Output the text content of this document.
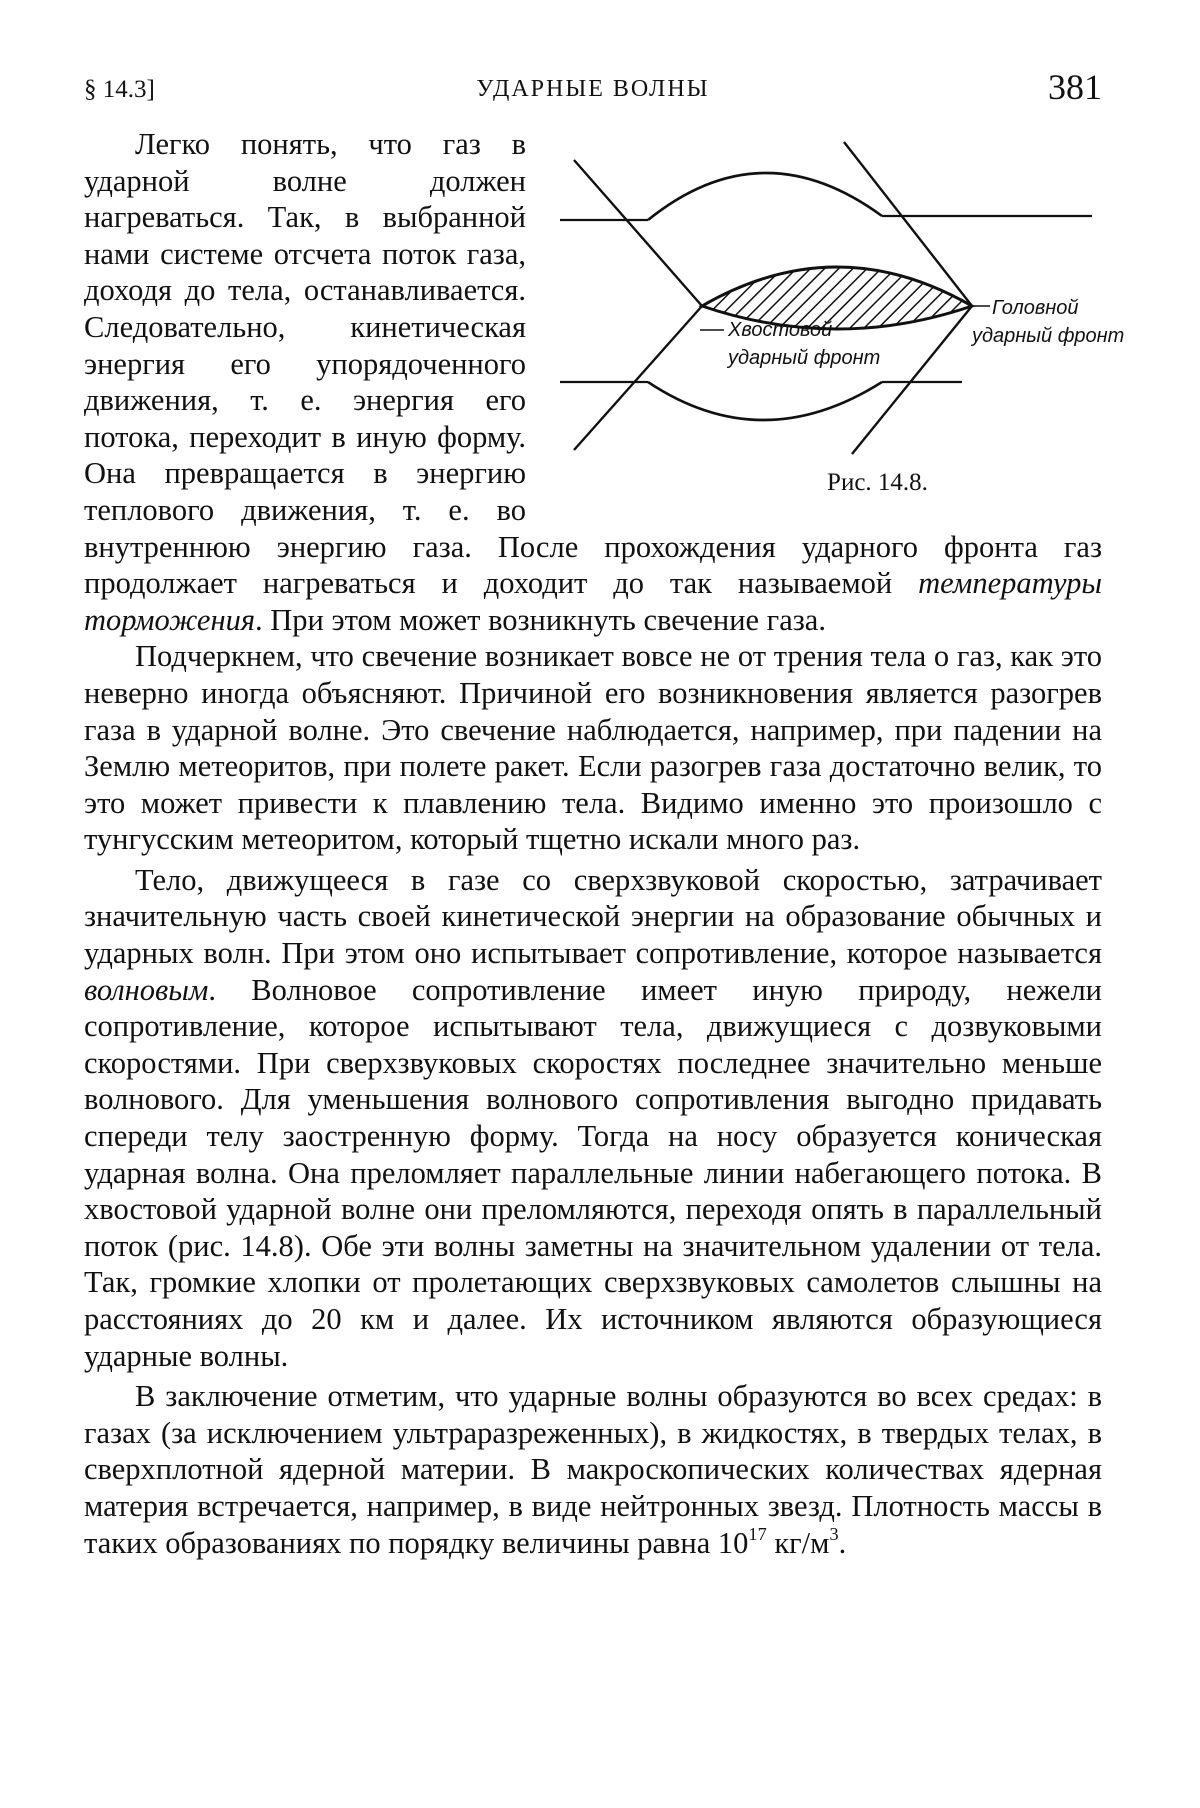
§ 14.3]	УДАРНЫЕ ВОЛНЫ	381
Хвостовой
ударный фронт
Головной
ударный фронт
Рис. 14.8.
Легко понять, что газ в ударной волне должен нагреваться. Так, в выбранной нами системе отсчета поток газа, доходя до тела, останавливается. Следовательно, кинетическая энергия его упорядоченного движения, т. е. энергия его потока, переходит в иную форму. Она превращается в энергию теплового движения, т. е. во внутреннюю энергию газа. После прохождения ударного фронта газ продолжает нагреваться и доходит до так называемой температуры торможения. При этом может возникнуть свечение газа.

Подчеркнем, что свечение возникает вовсе не от трения тела о газ, как это неверно иногда объясняют. Причиной его возникновения является разогрев газа в ударной волне. Это свечение наблюдается, например, при падении на Землю метеоритов, при полете ракет. Если разогрев газа достаточно велик, то это может привести к плавлению тела. Видимо именно это произошло с тунгусским метеоритом, который тщетно искали много раз.

Тело, движущееся в газе со сверхзвуковой скоростью, затрачивает значительную часть своей кинетической энергии на образование обычных и ударных волн. При этом оно испытывает сопротивление, которое называется волновым. Волновое сопротивление имеет иную природу, нежели сопротивление, которое испытывают тела, движущиеся с дозвуковыми скоростями. При сверхзвуковых скоростях последнее значительно меньше волнового. Для уменьшения волнового сопротивления выгодно придавать спереди телу заостренную форму. Тогда на носу образуется коническая ударная волна. Она преломляет параллельные линии набегающего потока. В хвостовой ударной волне они преломляются, переходя опять в параллельный поток (рис. 14.8). Обе эти волны заметны на значительном удалении от тела. Так, громкие хлопки от пролетающих сверхзвуковых самолетов слышны на расстояниях до 20 км и далее. Их источником являются образующиеся ударные волны.

В заключение отметим, что ударные волны образуются во всех средах: в газах (за исключением ультраразреженных), в жидкостях, в твердых телах, в сверхплотной ядерной материи. В макроскопических количествах ядерная материя встречается, например, в виде нейтронных звезд. Плотность массы в таких образованиях по порядку величины равна $10^{17}$ $кг/м^3$.
